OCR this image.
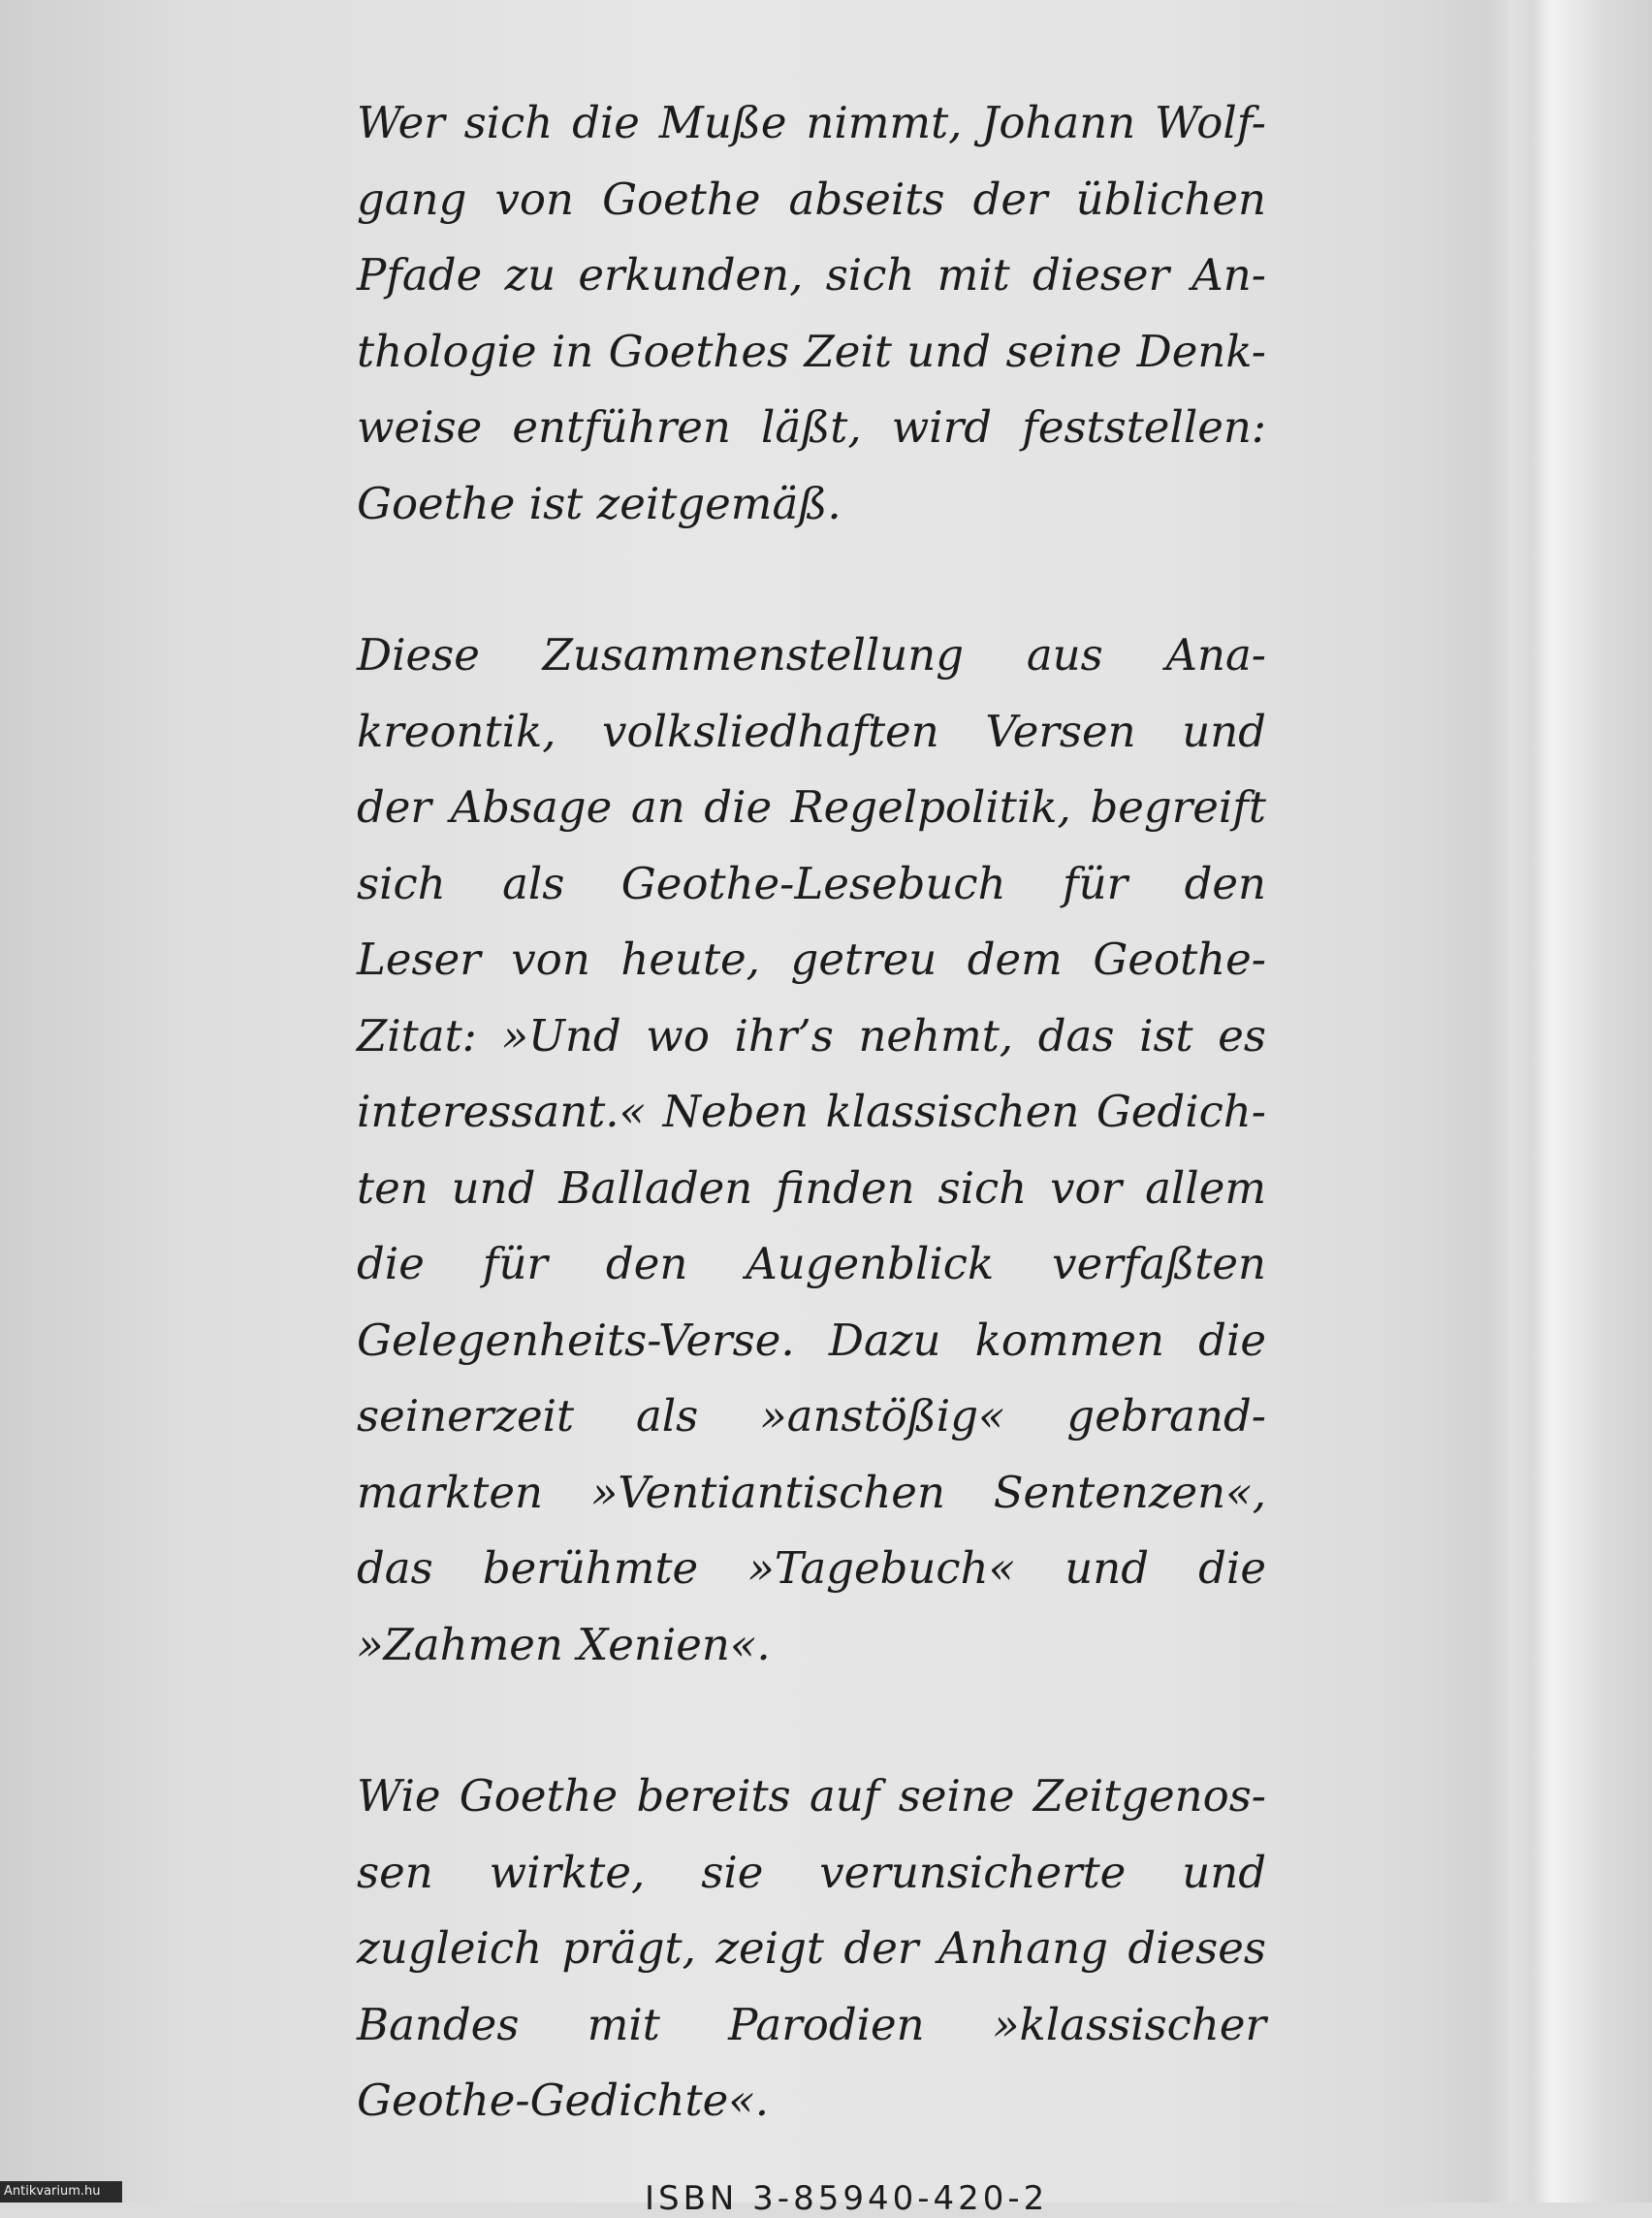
Wer sich die Muße nimmt, Johann Wolf-
gang von Goethe abseits der üblichen
Pfade zu erkunden, sich mit dieser An-
thologie in Goethes Zeit und seine Denk-
weise entführen läßt, wird feststellen:
Goethe ist zeitgemäß.

Diese Zusammenstellung aus Ana-
kreontik, volksliedhaften Versen und
der Absage an die Regelpolitik, begreift
sich als Geothe-Lesebuch für den
Leser von heute, getreu dem Geothe-
Zitat: »Und wo ihr’s nehmt, das ist es
interessant.« Neben klassischen Gedich-
ten und Balladen finden sich vor allem
die für den Augenblick verfaßten
Gelegenheits-Verse. Dazu kommen die
seinerzeit als »anstößig« gebrand-
markten »Ventiantischen Sentenzen«,
das berühmte »Tagebuch« und die
»Zahmen Xenien«.

Wie Goethe bereits auf seine Zeitgenos-
sen wirkte, sie verunsicherte und
zugleich prägt, zeigt der Anhang dieses
Bandes mit Parodien »klassischer
Geothe-Gedichte«.

ISBN 3-85940-420-2
Antikvarium.hu
